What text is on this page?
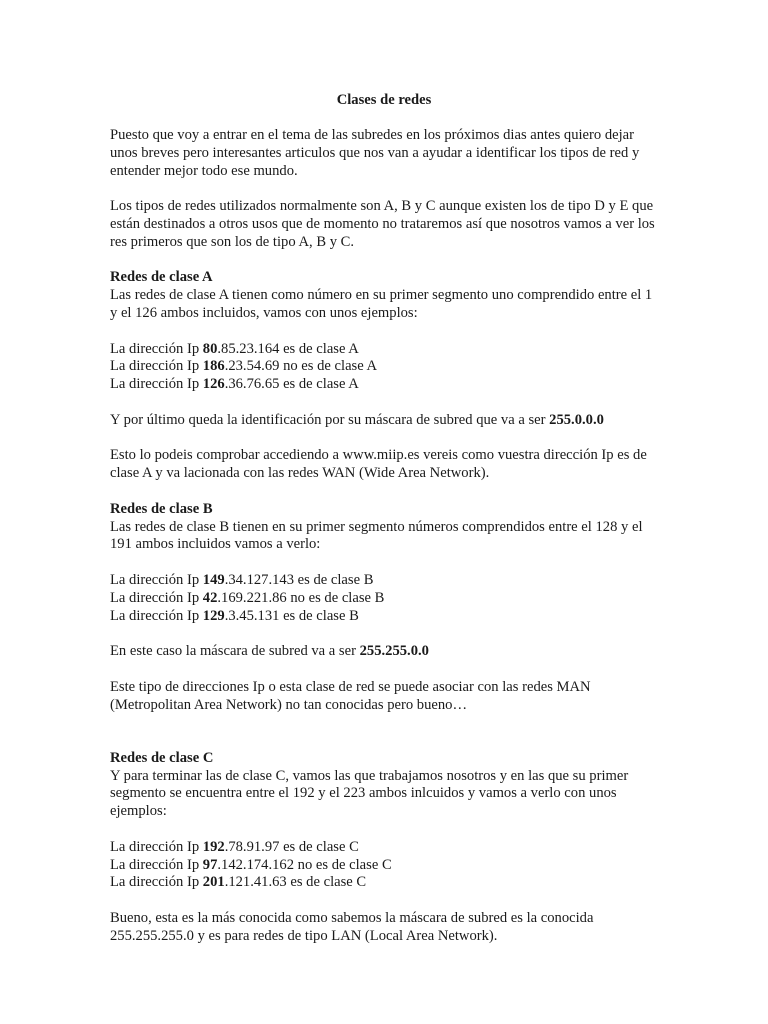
Clases de redes

Puesto que voy a entrar en el tema de las subredes en los próximos dias antes quiero dejar unos breves pero interesantes articulos que nos van a ayudar a identificar los tipos de red y entender mejor todo ese mundo.

Los tipos de redes utilizados normalmente son A, B y C aunque existen los de tipo D y E que están destinados a otros usos que de momento no trataremos así que nosotros vamos a ver los res primeros que son los de tipo A, B y C.

Redes de clase A
Las redes de clase A tienen como número en su primer segmento uno comprendido entre el 1 y el 126 ambos incluidos, vamos con unos ejemplos:

La dirección Ip 80.85.23.164 es de clase A
La dirección Ip 186.23.54.69 no es de clase A
La dirección Ip 126.36.76.65 es de clase A

Y por último queda la identificación por su máscara de subred que va a ser 255.0.0.0

Esto lo podeis comprobar accediendo a www.miip.es vereis como vuestra dirección Ip es de clase A y va lacionada con las redes WAN (Wide Area Network).

Redes de clase B
Las redes de clase B tienen en su primer segmento números comprendidos entre el 128 y el 191 ambos incluidos vamos a verlo:

La dirección Ip 149.34.127.143 es de clase B
La dirección Ip 42.169.221.86 no es de clase B
La dirección Ip 129.3.45.131 es de clase B

En este caso la máscara de subred va a ser 255.255.0.0

Este tipo de direcciones Ip o esta clase de red se puede asociar con las redes MAN (Metropolitan Area Network) no tan conocidas pero bueno…

Redes de clase C
Y para terminar las de clase C, vamos las que trabajamos nosotros y en las que su primer segmento se encuentra entre el 192 y el 223 ambos inlcuidos y vamos a verlo con unos ejemplos:

La dirección Ip 192.78.91.97 es de clase C
La dirección Ip 97.142.174.162 no es de clase C
La dirección Ip 201.121.41.63 es de clase C

Bueno, esta es la más conocida como sabemos la máscara de subred es la conocida 255.255.255.0 y es para redes de tipo LAN (Local Area Network).
